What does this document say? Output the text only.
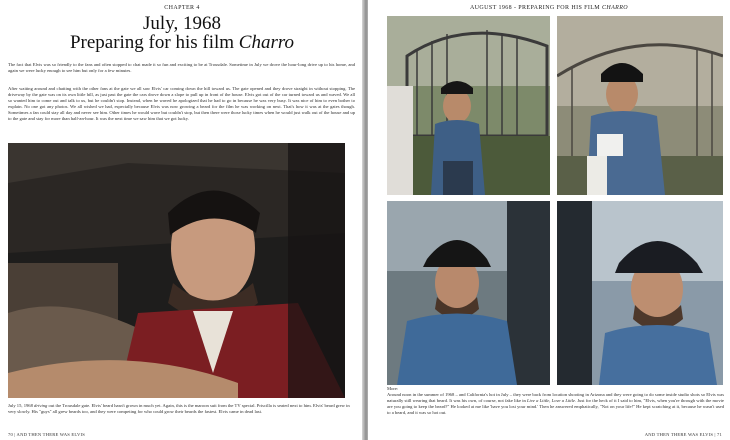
CHAPTER 4
July, 1968
Preparing for his film Charro

The fact that Elvis was so friendly to the fans and often stopped to chat made it so fun and exciting to be at Trousdale. Sometime in July we drove the hour-long drive up to his home, and again we were lucky enough to see him but only for a few minutes.

After waiting around and chatting with the other fans at the gate we all saw Elvis' car coming down the hill toward us. The gate opened and they drove straight in without stopping. The driveway by the gate was on its own little hill, as just past the gate the cars drove down a slope to pull up in front of the house. Elvis got out of the car turned toward us and waved. We all so wanted him to come out and talk to us, but he couldn't stop. Instead, when he waved he apologized that he had to go in because he was very busy. It was nice of him to even bother to explain. No one got any photos. We all wished we had, especially because Elvis was now growing a beard for the film he was working on next. That's how it was at the gates though. Sometimes a fan could stay all day and never see him. Other times he would wave but couldn't stop, but then there were those lucky times when he would just walk out of the house and up to the gate and stay for more than half-an-hour. It was the next time we saw him that we got lucky.

July 15, 1968 driving out the Trousdale gate. Elvis' beard hasn't grown in much yet. Again, this is the maroon suit from the TV special. Priscilla is seated next to him. Elvis' beard grew in very slowly. His "guys" all grew beards too, and they were competing for who could grow their beards the fastest. Elvis came in dead last.
70 | AND THEN THERE WAS ELVIS
AUGUST 1968 - PREPARING FOR HIS FILM CHARRO
More:
Around noon in the summer of 1968 – and California's hot in July – they were back from location shooting in Arizona and they were going to do some inside studio shots so Elvis was naturally still wearing that beard. It was his own, of course, not fake like in Live a Little, Love a Little. Just for the heck of it I said to him, "Elvis, when you're through with the movie are you going to keep the beard?" He looked at me like 'have you lost your mind.' Then he answered emphatically, "Not on your life!" He kept scratching at it, because he wasn't used to a beard, and it was so hot out.
AND THEN THERE WAS ELVIS | 71
